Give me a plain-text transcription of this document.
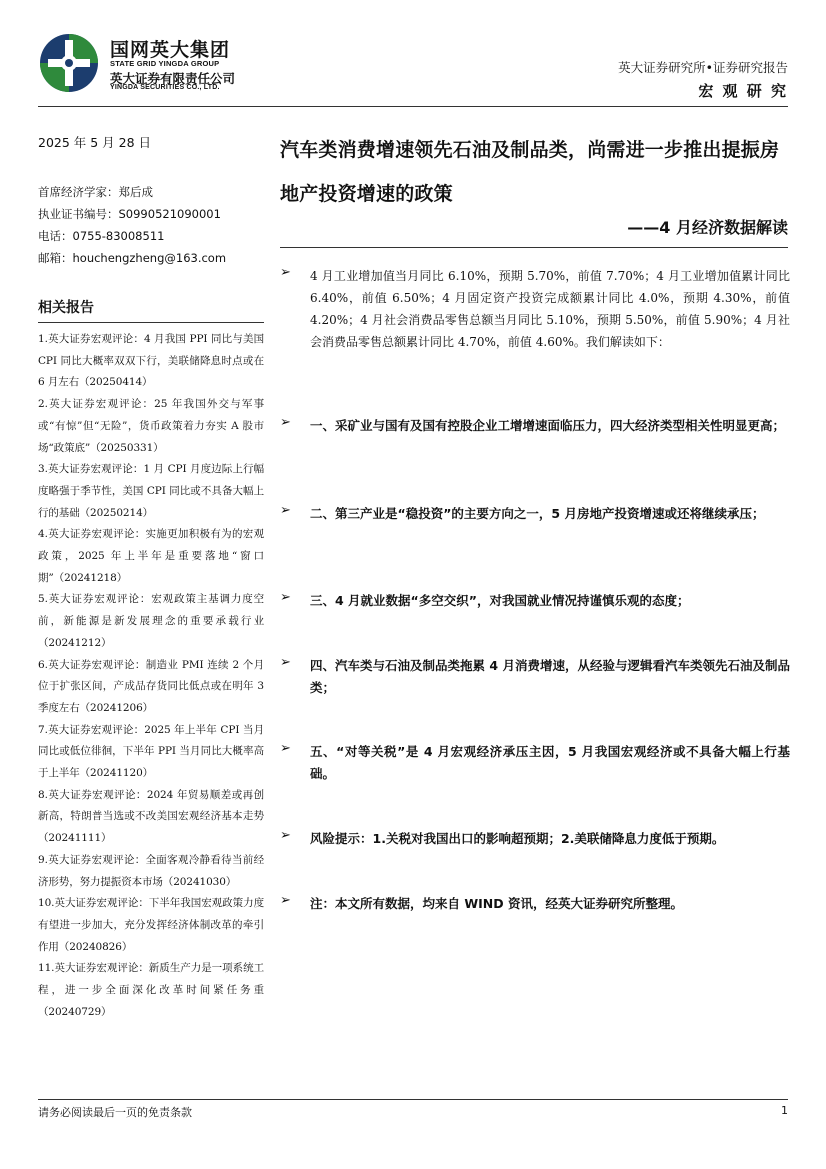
国网英大集团
STATE GRID YINGDA GROUP
英大证券有限责任公司
YINGDA SECURITIES CO., LTD.
英大证券研究所•证券研究报告
宏 观 研 究
2025 年 5 月 28 日
首席经济学家：郑后成
执业证书编号：S0990521090001
电话：0755-83008511
邮箱：houchengzheng@163.com
相关报告
1.英大证券宏观评论：4 月我国 PPI 同比与美国 CPI 同比大概率双双下行，美联储降息时点或在 6 月左右（20250414）
2.英大证券宏观评论：25 年我国外交与军事或“有惊”但“无险”，货币政策着力夯实 A 股市场“政策底”（20250331）
3.英大证券宏观评论：1 月 CPI 月度边际上行幅度略强于季节性，美国 CPI 同比或不具备大幅上行的基础（20250214）
4.英大证券宏观评论：实施更加积极有为的宏观政策，2025 年上半年是重要落地“窗口期”（20241218）
5.英大证券宏观评论：宏观政策主基调力度空前，新能源是新发展理念的重要承载行业（20241212）
6.英大证券宏观评论：制造业 PMI 连续 2 个月位于扩张区间，产成品存货同比低点或在明年 3 季度左右（20241206）
7.英大证券宏观评论：2025 年上半年 CPI 当月同比或低位徘徊，下半年 PPI 当月同比大概率高于上半年（20241120）
8.英大证券宏观评论：2024 年贸易顺差或再创新高，特朗普当选或不改美国宏观经济基本走势（20241111）
9.英大证券宏观评论：全面客观冷静看待当前经济形势，努力提振资本市场（20241030）
10.英大证券宏观评论：下半年我国宏观政策力度有望进一步加大，充分发挥经济体制改革的牵引作用（20240826）
11.英大证券宏观评论：新质生产力是一项系统工程，进一步全面深化改革时间紧任务重（20240729）
汽车类消费增速领先石油及制品类，尚需进一步推出提振房地产投资增速的政策
——4 月经济数据解读
➢	4 月工业增加值当月同比 6.10%，预期 5.70%，前值 7.70%；4 月工业增加值累计同比 6.40%，前值 6.50%；4 月固定资产投资完成额累计同比 4.0%，预期 4.30%，前值 4.20%；4 月社会消费品零售总额当月同比 5.10%，预期 5.50%，前值 5.90%；4 月社会消费品零售总额累计同比 4.70%，前值 4.60%。我们解读如下：
➢	一、采矿业与国有及国有控股企业工增增速面临压力，四大经济类型相关性明显更高；
➢	二、第三产业是“稳投资”的主要方向之一，5 月房地产投资增速或还将继续承压；
➢	三、4 月就业数据“多空交织”，对我国就业情况持谨慎乐观的态度；
➢	四、汽车类与石油及制品类拖累 4 月消费增速，从经验与逻辑看汽车类领先石油及制品类；
➢	五、“对等关税”是 4 月宏观经济承压主因，5 月我国宏观经济或不具备大幅上行基础。
➢	风险提示：1.关税对我国出口的影响超预期；2.美联储降息力度低于预期。
➢	注：本文所有数据，均来自 WIND 资讯，经英大证券研究所整理。
请务必阅读最后一页的免责条款	1
